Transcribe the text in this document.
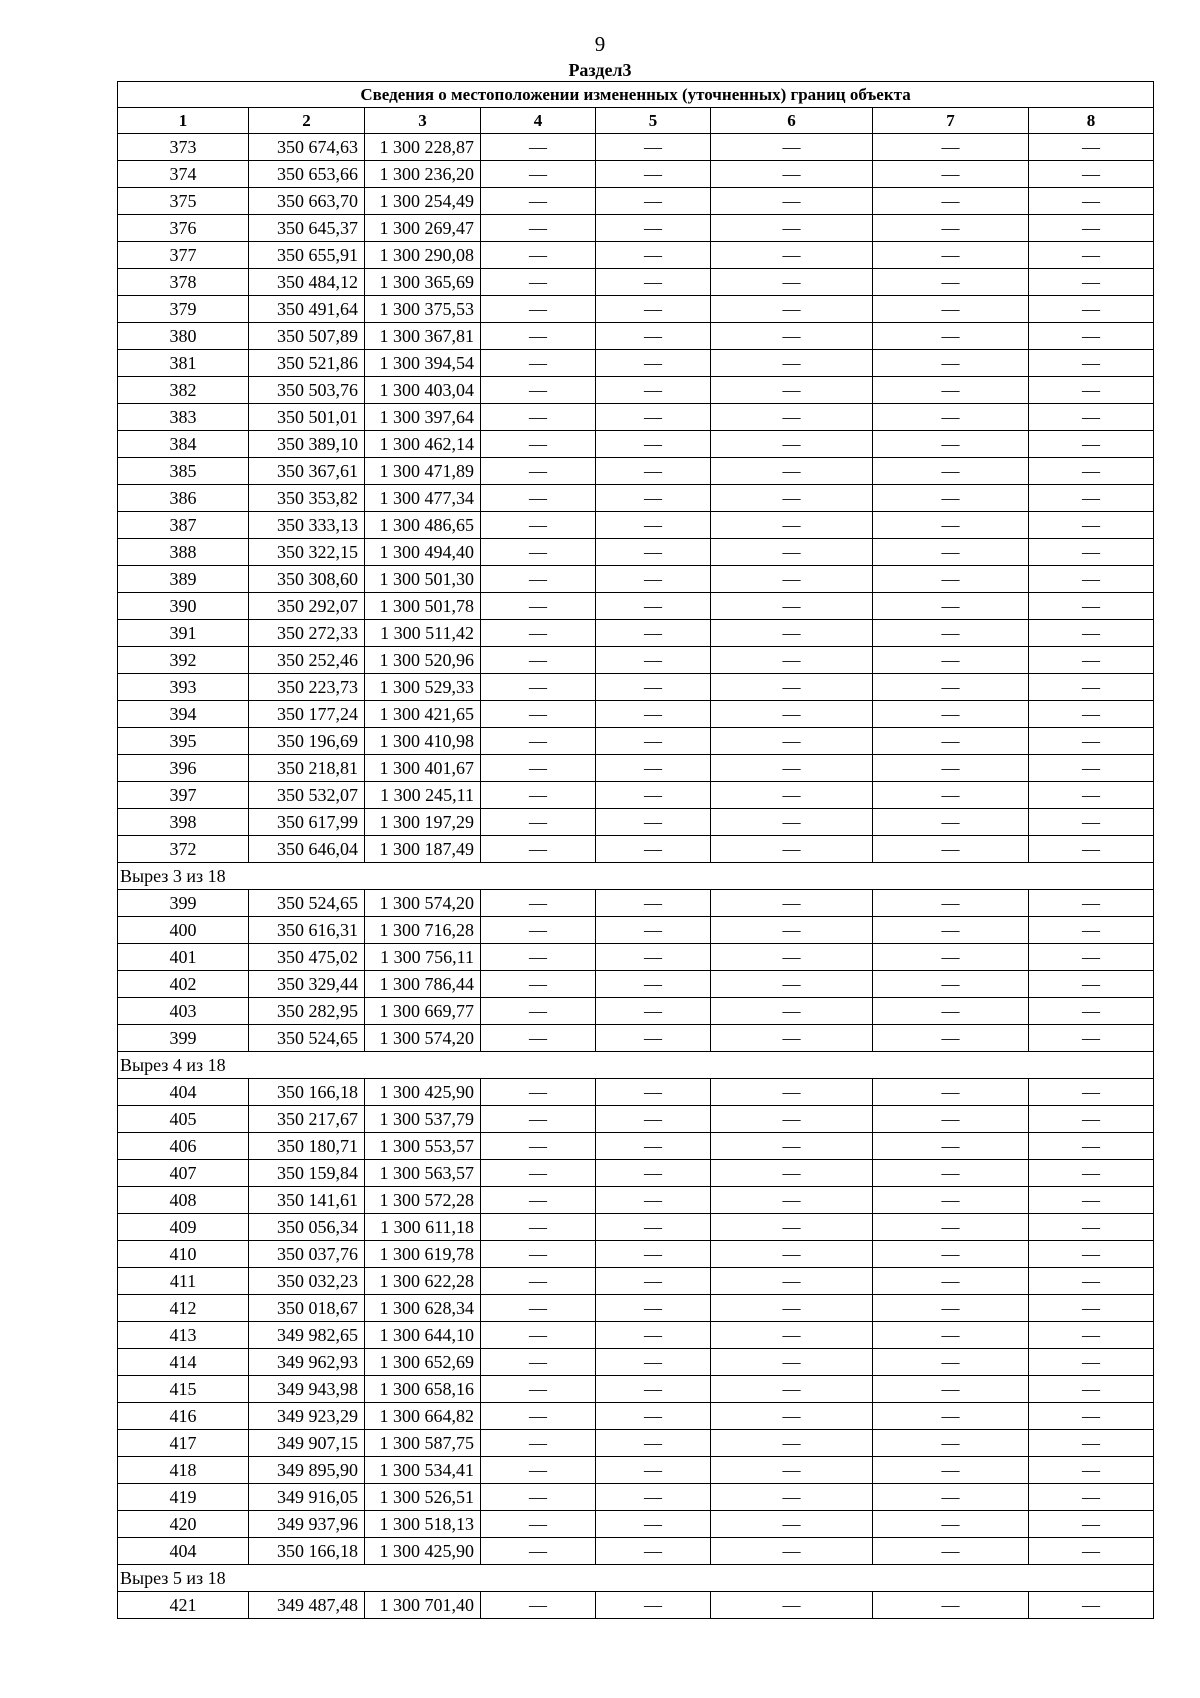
9
Раздел3
Сведения о местоположении измененных (уточненных) границ объекта							
1	2	3	4	5	6	7	8
373	350 674,63	1 300 228,87	—	—	—	—	—
374	350 653,66	1 300 236,20	—	—	—	—	—
375	350 663,70	1 300 254,49	—	—	—	—	—
376	350 645,37	1 300 269,47	—	—	—	—	—
377	350 655,91	1 300 290,08	—	—	—	—	—
378	350 484,12	1 300 365,69	—	—	—	—	—
379	350 491,64	1 300 375,53	—	—	—	—	—
380	350 507,89	1 300 367,81	—	—	—	—	—
381	350 521,86	1 300 394,54	—	—	—	—	—
382	350 503,76	1 300 403,04	—	—	—	—	—
383	350 501,01	1 300 397,64	—	—	—	—	—
384	350 389,10	1 300 462,14	—	—	—	—	—
385	350 367,61	1 300 471,89	—	—	—	—	—
386	350 353,82	1 300 477,34	—	—	—	—	—
387	350 333,13	1 300 486,65	—	—	—	—	—
388	350 322,15	1 300 494,40	—	—	—	—	—
389	350 308,60	1 300 501,30	—	—	—	—	—
390	350 292,07	1 300 501,78	—	—	—	—	—
391	350 272,33	1 300 511,42	—	—	—	—	—
392	350 252,46	1 300 520,96	—	—	—	—	—
393	350 223,73	1 300 529,33	—	—	—	—	—
394	350 177,24	1 300 421,65	—	—	—	—	—
395	350 196,69	1 300 410,98	—	—	—	—	—
396	350 218,81	1 300 401,67	—	—	—	—	—
397	350 532,07	1 300 245,11	—	—	—	—	—
398	350 617,99	1 300 197,29	—	—	—	—	—
372	350 646,04	1 300 187,49	—	—	—	—	—
Вырез 3 из 18							
399	350 524,65	1 300 574,20	—	—	—	—	—
400	350 616,31	1 300 716,28	—	—	—	—	—
401	350 475,02	1 300 756,11	—	—	—	—	—
402	350 329,44	1 300 786,44	—	—	—	—	—
403	350 282,95	1 300 669,77	—	—	—	—	—
399	350 524,65	1 300 574,20	—	—	—	—	—
Вырез 4 из 18							
404	350 166,18	1 300 425,90	—	—	—	—	—
405	350 217,67	1 300 537,79	—	—	—	—	—
406	350 180,71	1 300 553,57	—	—	—	—	—
407	350 159,84	1 300 563,57	—	—	—	—	—
408	350 141,61	1 300 572,28	—	—	—	—	—
409	350 056,34	1 300 611,18	—	—	—	—	—
410	350 037,76	1 300 619,78	—	—	—	—	—
411	350 032,23	1 300 622,28	—	—	—	—	—
412	350 018,67	1 300 628,34	—	—	—	—	—
413	349 982,65	1 300 644,10	—	—	—	—	—
414	349 962,93	1 300 652,69	—	—	—	—	—
415	349 943,98	1 300 658,16	—	—	—	—	—
416	349 923,29	1 300 664,82	—	—	—	—	—
417	349 907,15	1 300 587,75	—	—	—	—	—
418	349 895,90	1 300 534,41	—	—	—	—	—
419	349 916,05	1 300 526,51	—	—	—	—	—
420	349 937,96	1 300 518,13	—	—	—	—	—
404	350 166,18	1 300 425,90	—	—	—	—	—
Вырез 5 из 18							
421	349 487,48	1 300 701,40	—	—	—	—	—
